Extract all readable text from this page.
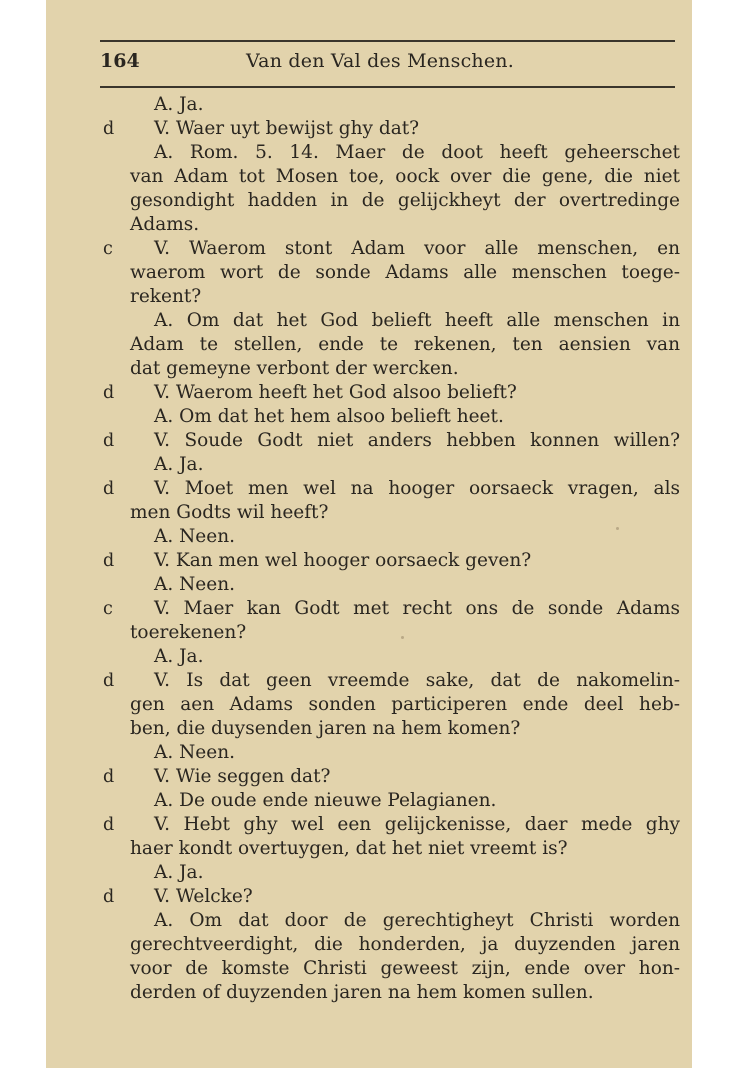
164	Van den Val des Menschen.
A. Ja.
V. Waer uyt bewijst ghy dat?
A. Rom. 5. 14. Maer de doot heeft geheerschet
van Adam tot Mosen toe, oock over die gene, die niet
gesondight hadden in de gelijckheyt der overtredinge
Adams.
V. Waerom stont Adam voor alle menschen, en
waerom wort de sonde Adams alle menschen toege-
rekent?
A. Om dat het God belieft heeft alle menschen in
Adam te stellen, ende te rekenen, ten aensien van
dat gemeyne verbont der wercken.
V. Waerom heeft het God alsoo belieft?
A. Om dat het hem alsoo belieft heet.
V. Soude Godt niet anders hebben konnen willen?
A. Ja.
V. Moet men wel na hooger oorsaeck vragen, als
men Godts wil heeft?
A. Neen.
V. Kan men wel hooger oorsaeck geven?
A. Neen.
V. Maer kan Godt met recht ons de sonde Adams
toerekenen?
A. Ja.
V. Is dat geen vreemde sake, dat de nakomelin-
gen aen Adams sonden participeren ende deel heb-
ben, die duysenden jaren na hem komen?
A. Neen.
V. Wie seggen dat?
A. De oude ende nieuwe Pelagianen.
V. Hebt ghy wel een gelijckenisse, daer mede ghy
haer kondt overtuygen, dat het niet vreemt is?
A. Ja.
V. Welcke?
A. Om dat door de gerechtigheyt Christi worden
gerechtveerdight, die honderden, ja duyzenden jaren
voor de komste Christi geweest zijn, ende over hon-
derden of duyzenden jaren na hem komen sullen.
d
c
d
d
d
d
c
d
d
d
d
